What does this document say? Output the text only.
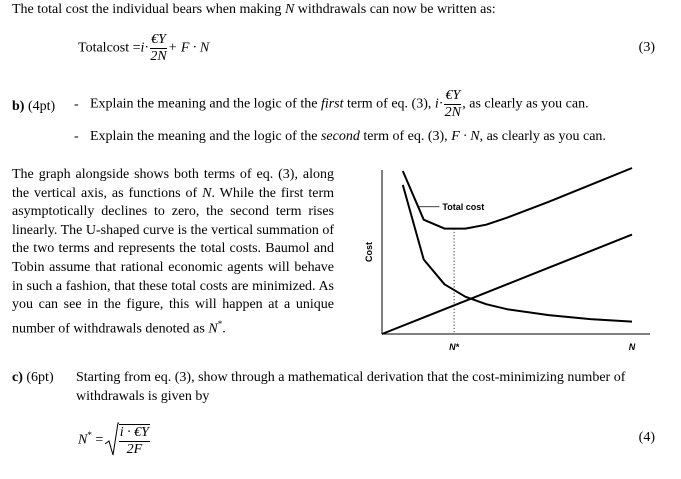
The total cost the individual bears when making N withdrawals can now be written as:
Totalcost $=i\cdot \frac{€Y}{2N} + F \cdot N$	(3)
b) (4pt) - Explain the meaning and the logic of the first term of eq. (3), $i\cdot \frac{€Y}{2N}$ , as clearly as you can.
- Explain the meaning and the logic of the second term of eq. (3), F · N, as clearly as you can.
The graph alongside shows both terms of eq. (3), along the vertical axis, as functions of N. While the first term asymptotically declines to zero, the second term rises linearly. The U-shaped curve is the vertical summation of the two terms and represents the total costs. Baumol and Tobin assume that rational economic agents will behave in such a fashion, that these total costs are minimized. As you can see in the figure, this will happen at a unique number of withdrawals denoted as N*.
Cost
Total cost
N*	N
c) (6pt) Starting from eq. (3), show through a mathematical derivation that the cost-minimizing number of
withdrawals is given by
$N^* = \frac{i \cdot €Y}{2F}$	(4)
